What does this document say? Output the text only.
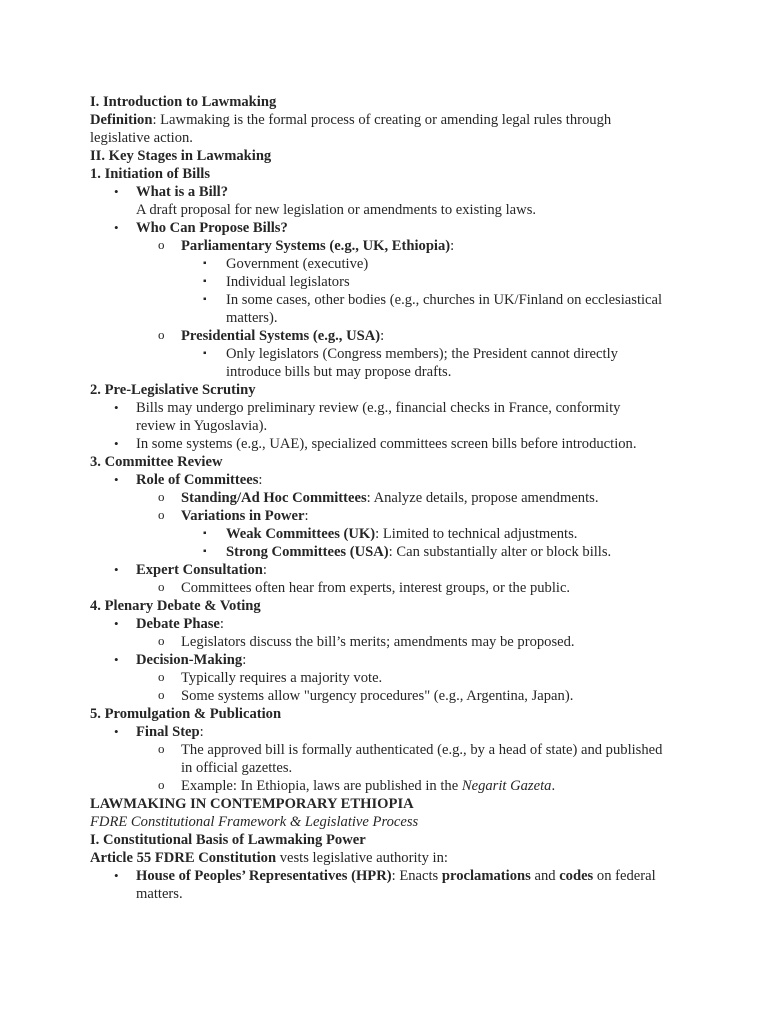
I. Introduction to Lawmaking
Definition: Lawmaking is the formal process of creating or amending legal rules through
legislative action.
II. Key Stages in Lawmaking
1. Initiation of Bills
• What is a Bill?
A draft proposal for new legislation or amendments to existing laws.
• Who Can Propose Bills?
o Parliamentary Systems (e.g., UK, Ethiopia):
▪ Government (executive)
▪ Individual legislators
▪ In some cases, other bodies (e.g., churches in UK/Finland on ecclesiastical
matters).
o Presidential Systems (e.g., USA):
▪ Only legislators (Congress members); the President cannot directly
introduce bills but may propose drafts.
2. Pre-Legislative Scrutiny
• Bills may undergo preliminary review (e.g., financial checks in France, conformity
review in Yugoslavia).
• In some systems (e.g., UAE), specialized committees screen bills before introduction.
3. Committee Review
• Role of Committees:
o Standing/Ad Hoc Committees: Analyze details, propose amendments.
o Variations in Power:
▪ Weak Committees (UK): Limited to technical adjustments.
▪ Strong Committees (USA): Can substantially alter or block bills.
• Expert Consultation:
o Committees often hear from experts, interest groups, or the public.
4. Plenary Debate & Voting
• Debate Phase:
o Legislators discuss the bill’s merits; amendments may be proposed.
• Decision-Making:
o Typically requires a majority vote.
o Some systems allow "urgency procedures" (e.g., Argentina, Japan).
5. Promulgation & Publication
• Final Step:
o The approved bill is formally authenticated (e.g., by a head of state) and published
in official gazettes.
o Example: In Ethiopia, laws are published in the Negarit Gazeta.
LAWMAKING IN CONTEMPORARY ETHIOPIA
FDRE Constitutional Framework & Legislative Process
I. Constitutional Basis of Lawmaking Power
Article 55 FDRE Constitution vests legislative authority in:
• House of Peoples’ Representatives (HPR): Enacts proclamations and codes on federal
matters.
